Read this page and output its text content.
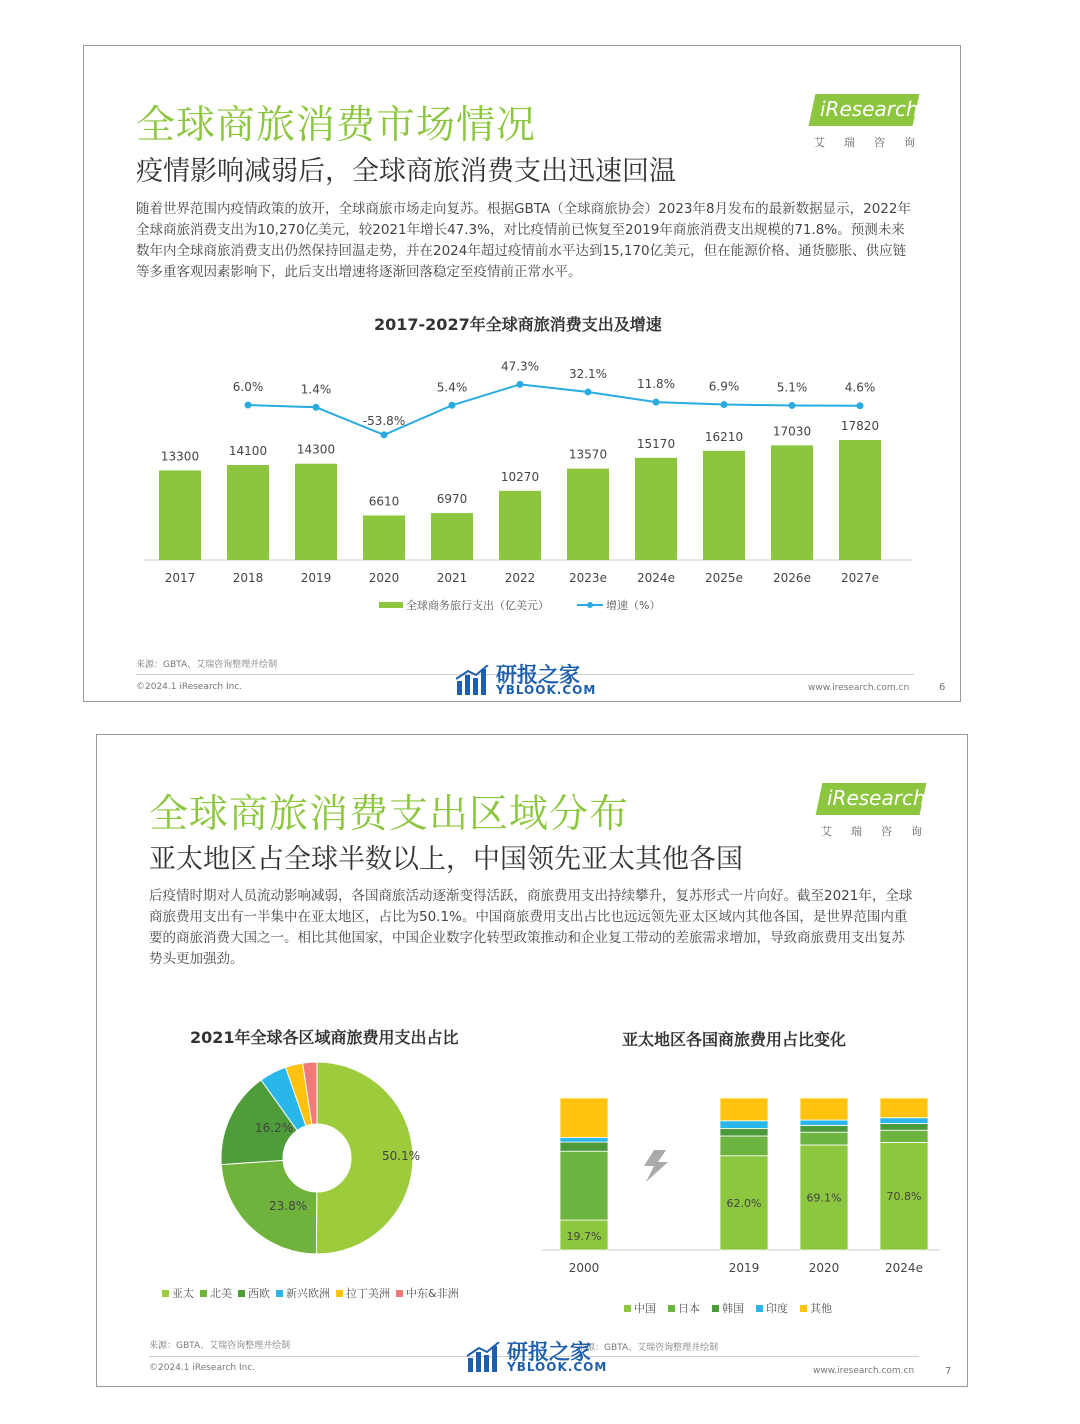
全球商旅消费市场情况
疫情影响减弱后，全球商旅消费支出迅速回温
iResearch
艾瑞咨询
随着世界范围内疫情政策的放开，全球商旅市场走向复苏。根据GBTA（全球商旅协会）2023年8月发布的最新数据显示，2022年全球商旅消费支出为10,270亿美元，较2021年增长47.3%，对比疫情前已恢复至2019年商旅消费支出规模的71.8%。预测未来数年内全球商旅消费支出仍然保持回温走势，并在2024年超过疫情前水平达到15,170亿美元，但在能源价格、通货膨胀、供应链等多重客观因素影响下，此后支出增速将逐渐回落稳定至疫情前正常水平。
2017-2027年全球商旅消费支出及增速
13300
2017
14100
2018
14300
2019
6610
2020
6970
2021
10270
2022
13570
2023e
15170
2024e
16210
2025e
17030
2026e
17820
2027e
6.0%	1.4%
-53.8%
5.4%
47.3%
32.1%
11.8%	6.9%	5.1%	4.6%
全球商务旅行支出（亿美元）	增速（%）
来源：GBTA、艾瑞咨询整理并绘制
©2024.1 iResearch Inc.	www.iresearch.com.cn	6
研报之家
YBLOOK.COM
全球商旅消费支出区域分布
亚太地区占全球半数以上，中国领先亚太其他各国
iResearch
艾瑞咨询
后疫情时期对人员流动影响减弱，各国商旅活动逐渐变得活跃，商旅费用支出持续攀升，复苏形式一片向好。截至2021年，全球商旅费用支出有一半集中在亚太地区，占比为50.1%。中国商旅费用支出占比也远远领先亚太区域内其他各国，是世界范围内重要的商旅消费大国之一。相比其他国家，中国企业数字化转型政策推动和企业复工带动的差旅需求增加，导致商旅费用支出复苏势头更加强劲。
2021年全球各区域商旅费用支出占比	亚太地区各国商旅费用占比变化
50.1%
23.8%
16.2%
亚太 北美 西欧 新兴欧洲 拉丁美洲 中东&非洲
19.7%
2000
62.0%
2019
69.1%
2020
70.8%
2024e
中国 日本 韩国 印度 其他
来源：GBTA、艾瑞咨询整理并绘制	来源：GBTA、艾瑞咨询整理并绘制
©2024.1 iResearch Inc.	www.iresearch.com.cn	7
研报之家
YBLOOK.COM
